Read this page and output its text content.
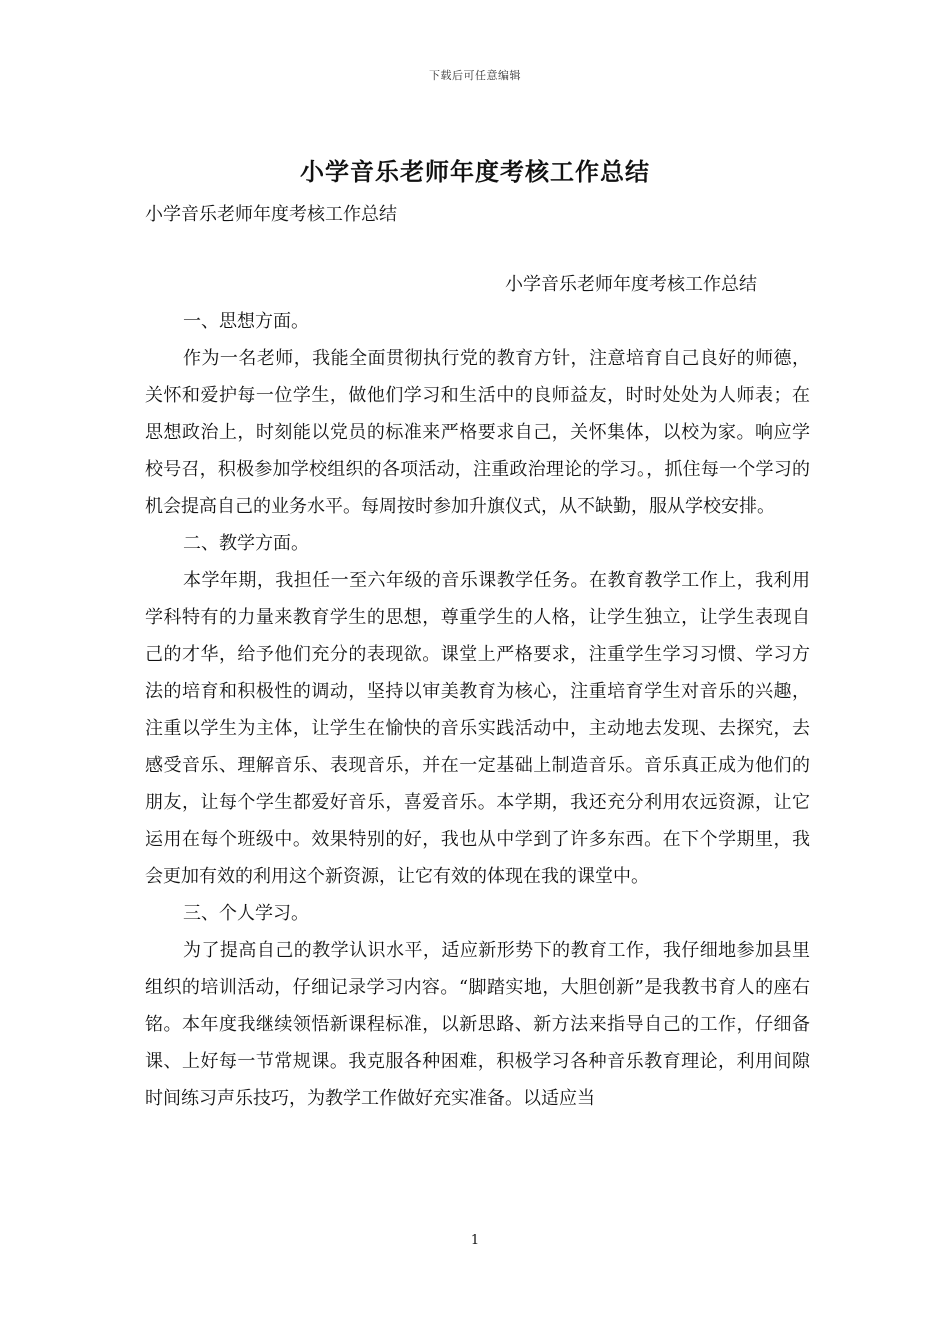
下载后可任意编辑
小学音乐老师年度考核工作总结

小学音乐老师年度考核工作总结

小学音乐老师年度考核工作总结

一、思想方面。

作为一名老师，我能全面贯彻执行党的教育方针，注意培育自己良好的师德，关怀和爱护每一位学生，做他们学习和生活中的良师益友，时时处处为人师表；在思想政治上，时刻能以党员的标准来严格要求自己，关怀集体，以校为家。响应学校号召，积极参加学校组织的各项活动，注重政治理论的学习。，抓住每一个学习的机会提高自己的业务水平。每周按时参加升旗仪式，从不缺勤，服从学校安排。

二、教学方面。

本学年期，我担任一至六年级的音乐课教学任务。在教育教学工作上，我利用学科特有的力量来教育学生的思想，尊重学生的人格，让学生独立，让学生表现自己的才华，给予他们充分的表现欲。课堂上严格要求，注重学生学习习惯、学习方法的培育和积极性的调动，坚持以审美教育为核心，注重培育学生对音乐的兴趣，注重以学生为主体，让学生在愉快的音乐实践活动中，主动地去发现、去探究，去感受音乐、理解音乐、表现音乐，并在一定基础上制造音乐。音乐真正成为他们的朋友，让每个学生都爱好音乐，喜爱音乐。本学期，我还充分利用农远资源，让它运用在每个班级中。效果特别的好，我也从中学到了许多东西。在下个学期里，我会更加有效的利用这个新资源，让它有效的体现在我的课堂中。

三、个人学习。

为了提高自己的教学认识水平，适应新形势下的教育工作，我仔细地参加县里组织的培训活动，仔细记录学习内容。“脚踏实地，大胆创新”是我教书育人的座右铭。本年度我继续领悟新课程标准，以新思路、新方法来指导自己的工作，仔细备课、上好每一节常规课。我克服各种困难，积极学习各种音乐教育理论，利用间隙时间练习声乐技巧，为教学工作做好充实准备。以适应当

1
